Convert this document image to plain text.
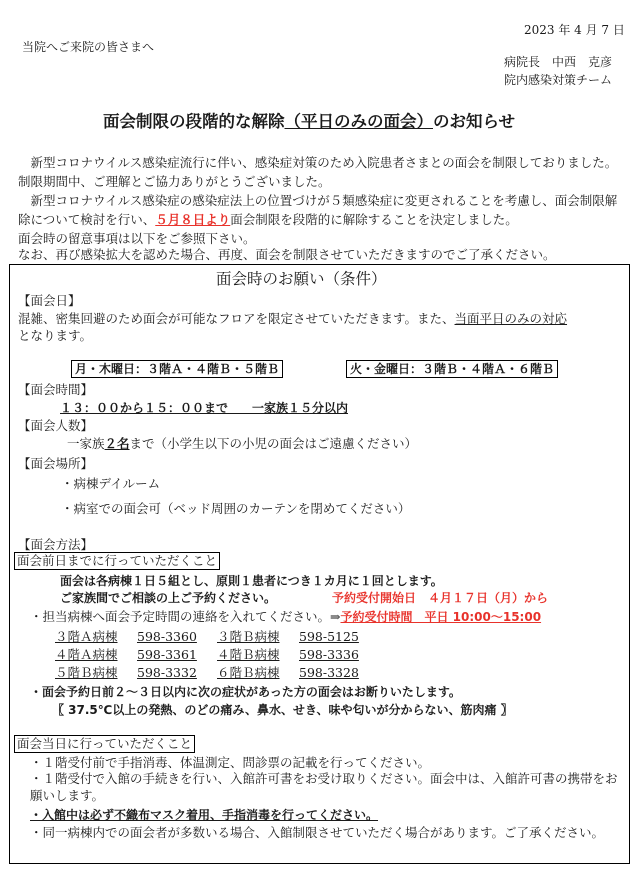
2023 年 4 月 7 日
当院へご来院の皆さまへ
病院長　中西　克彦
院内感染対策チーム
面会制限の段階的な解除（平日のみの面会）のお知らせ
　新型コロナウイルス感染症流行に伴い、感染症対策のため入院患者さまとの面会を制限しておりました。制限期間中、ご理解とご協力ありがとうございました。
　新型コロナウイルス感染症の感染症法上の位置づけが５類感染症に変更されることを考慮し、面会制限解除について検討を行い、５月８日より面会制限を段階的に解除することを決定しました。
面会時の留意事項は以下をご参照下さい。
なお、再び感染拡大を認めた場合、再度、面会を制限させていただきますのでご了承ください。
面会時のお願い（条件）
【面会日】
混雑、密集回避のため面会が可能なフロアを限定させていただきます。また、当面平日のみの対応
となります。
月・木曜日：３階Ａ・４階Ｂ・５階Ｂ	火・金曜日：３階Ｂ・４階Ａ・６階Ｂ
【面会時間】
１３：００から１５：００まで　　一家族１５分以内
【面会人数】
一家族２名まで（小学生以下の小児の面会はご遠慮ください）
【面会場所】
・病棟デイルーム
・病室での面会可（ベッド周囲のカーテンを閉めてください）
【面会方法】
面会前日までに行っていただくこと
面会は各病棟１日５組とし、原則１患者につき１カ月に１回とします。
ご家族間でご相談の上ご予約ください。	予約受付開始日　４月１７日（月）から
・担当病棟へ面会予定時間の連絡を入れてください。⇒予約受付時間　平日 10:00～15:00
３階Ａ病棟 598-3360 ３階Ｂ病棟 598-5125
４階Ａ病棟 598-3361 ４階Ｂ病棟 598-3336
５階Ｂ病棟 598-3332 ６階Ｂ病棟 598-3328
・面会予約日前２～３日以内に次の症状があった方の面会はお断りいたします。
〖 37.5℃以上の発熱、のどの痛み、鼻水、せき、味や匂いが分からない、筋肉痛 〗
面会当日に行っていただくこと
・１階受付前で手指消毒、体温測定、問診票の記載を行ってください。
・１階受付で入館の手続きを行い、入館許可書をお受け取りください。面会中は、入館許可書の携帯をお願いします。
・入館中は必ず不織布マスク着用、手指消毒を行ってください。
・同一病棟内での面会者が多数いる場合、入館制限させていただく場合があります。ご了承ください。
